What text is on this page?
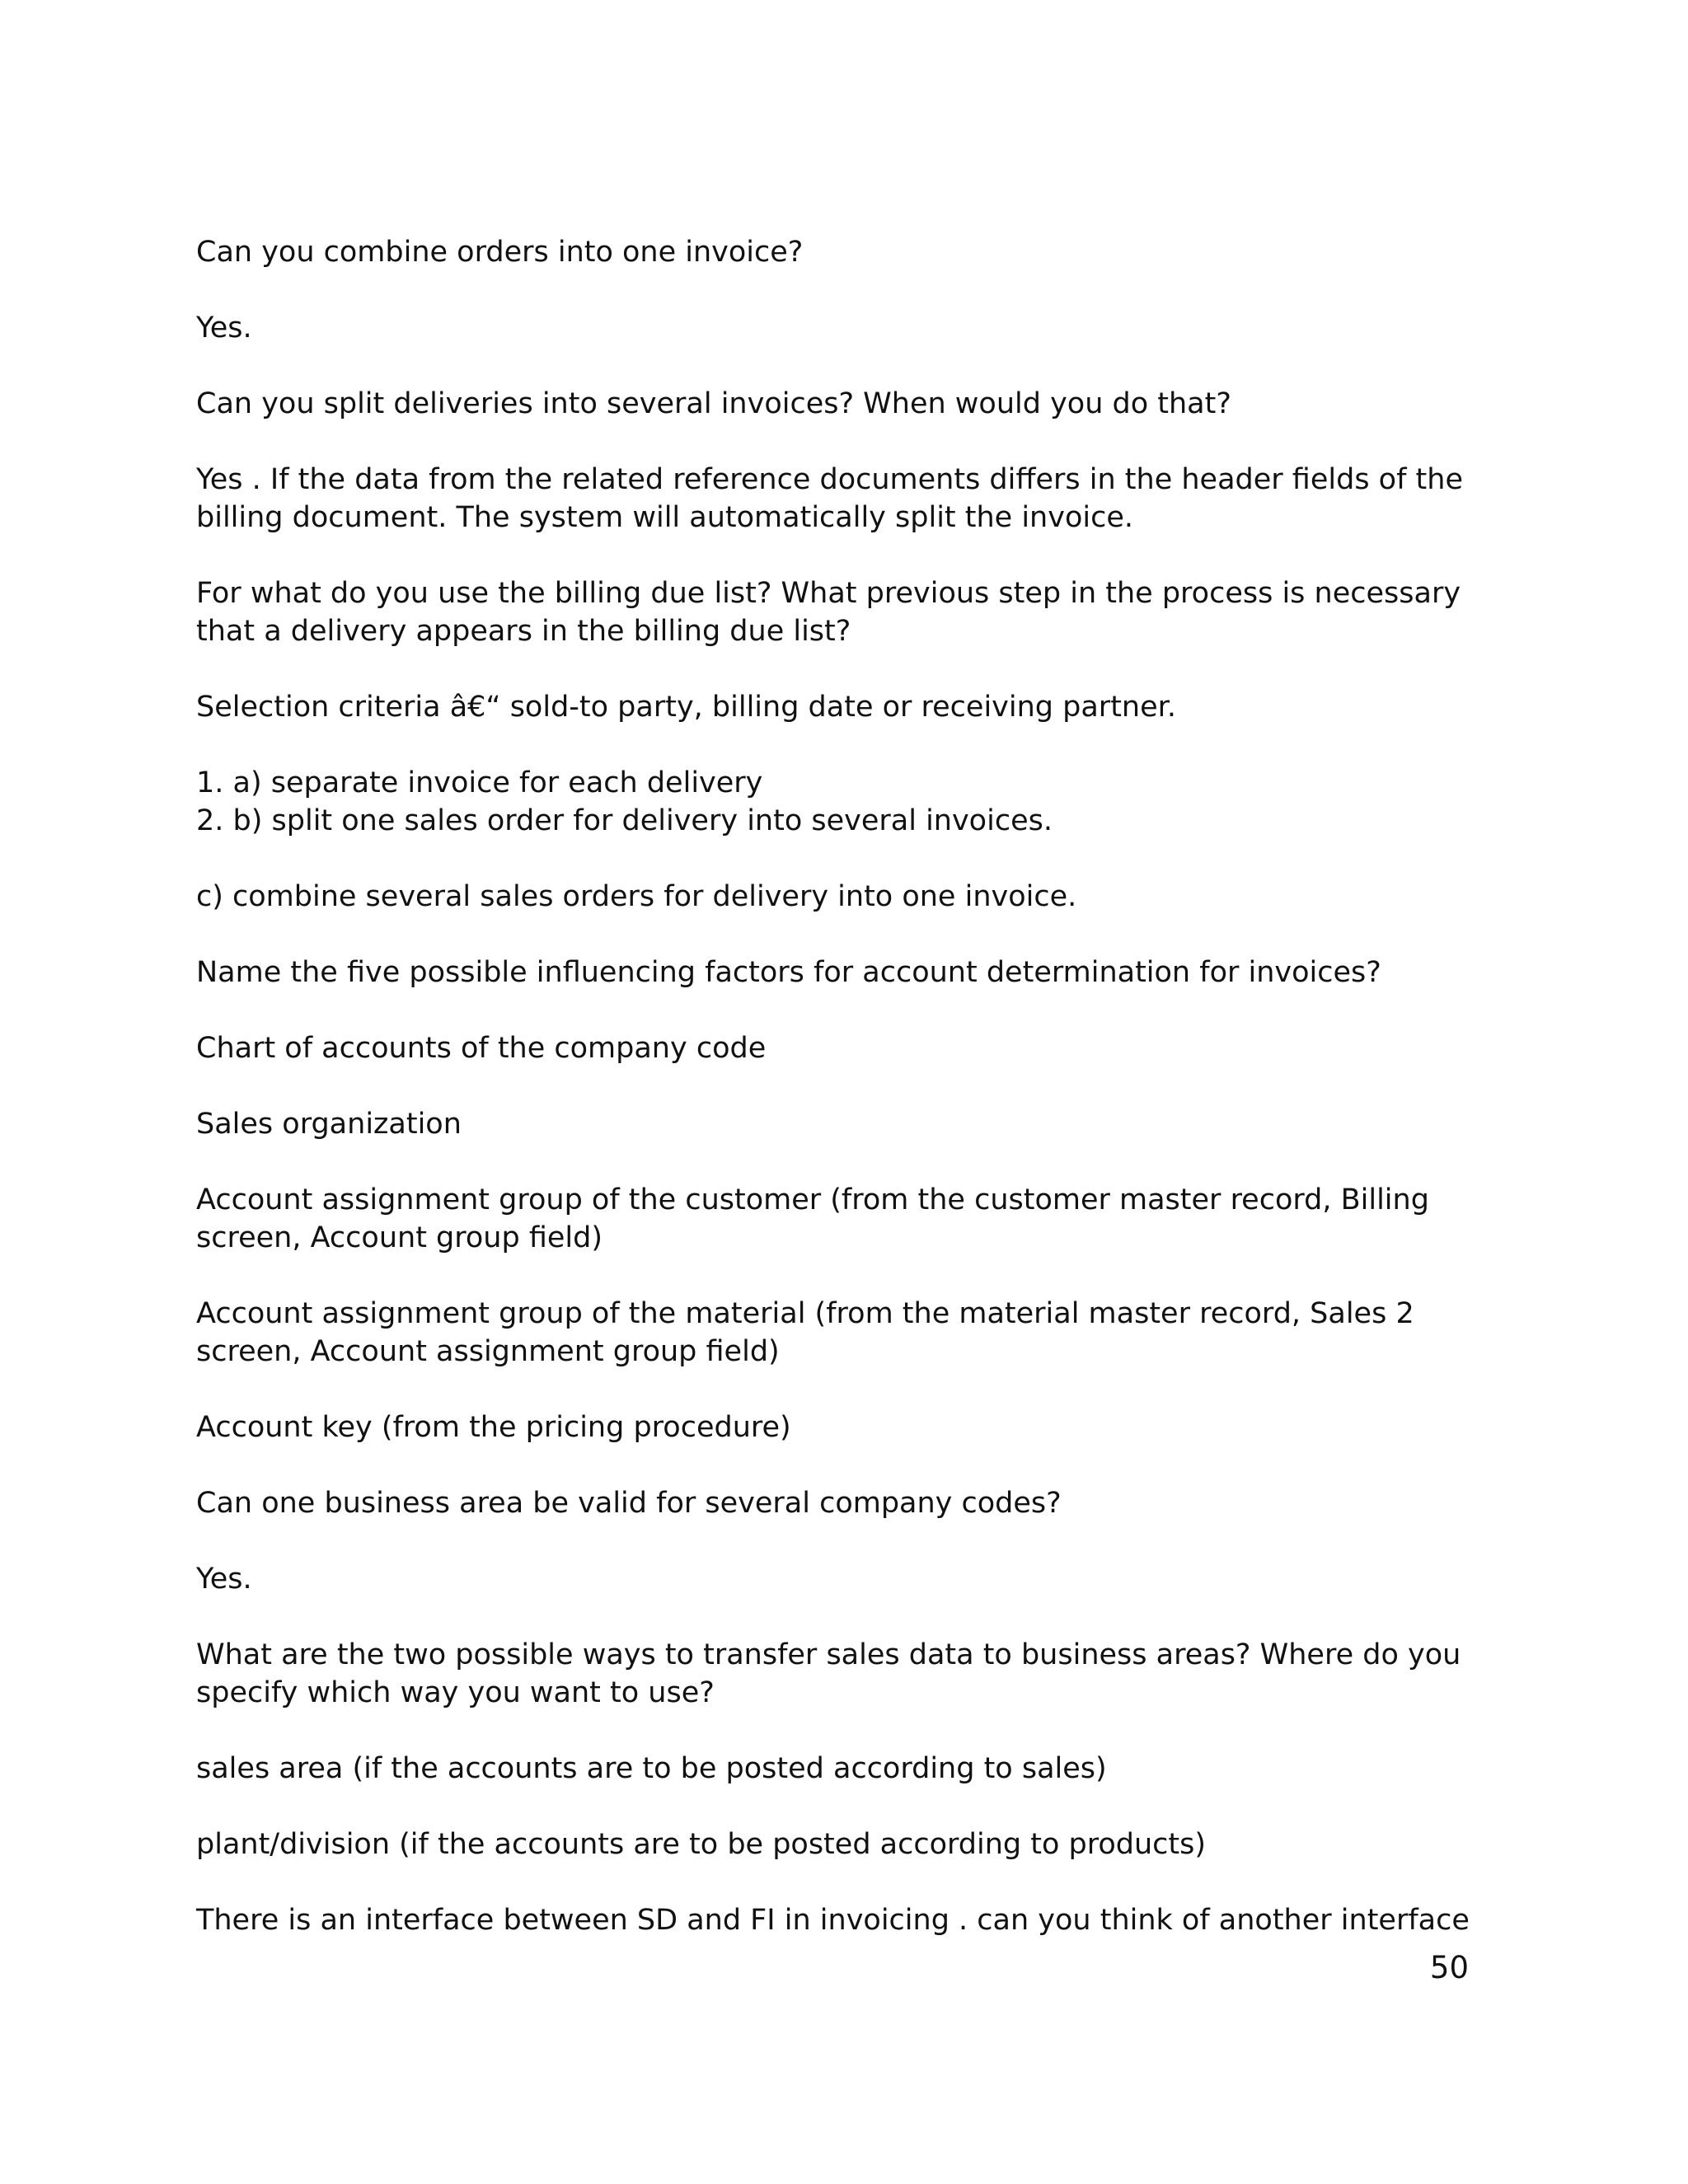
Can you combine orders into one invoice?

Yes.

Can you split deliveries into several invoices? When would you do that?

Yes . If the data from the related reference documents differs in the header fields of the billing document. The system will automatically split the invoice.

For what do you use the billing due list? What previous step in the process is necessary that a delivery appears in the billing due list?

Selection criteria â€“ sold-to party, billing date or receiving partner.

1. a) separate invoice for each delivery

2. b) split one sales order for delivery into several invoices.

c) combine several sales orders for delivery into one invoice.

Name the five possible influencing factors for account determination for invoices?

Chart of accounts of the company code

Sales organization

Account assignment group of the customer (from the customer master record, Billing screen, Account group field)

Account assignment group of the material (from the material master record, Sales 2 screen, Account assignment group field)

Account key (from the pricing procedure)

Can one business area be valid for several company codes?

Yes.

What are the two possible ways to transfer sales data to business areas? Where do you specify which way you want to use?

sales area (if the accounts are to be posted according to sales)

plant/division (if the accounts are to be posted according to products)

There is an interface between SD and FI in invoicing . can you think of another interface

50
